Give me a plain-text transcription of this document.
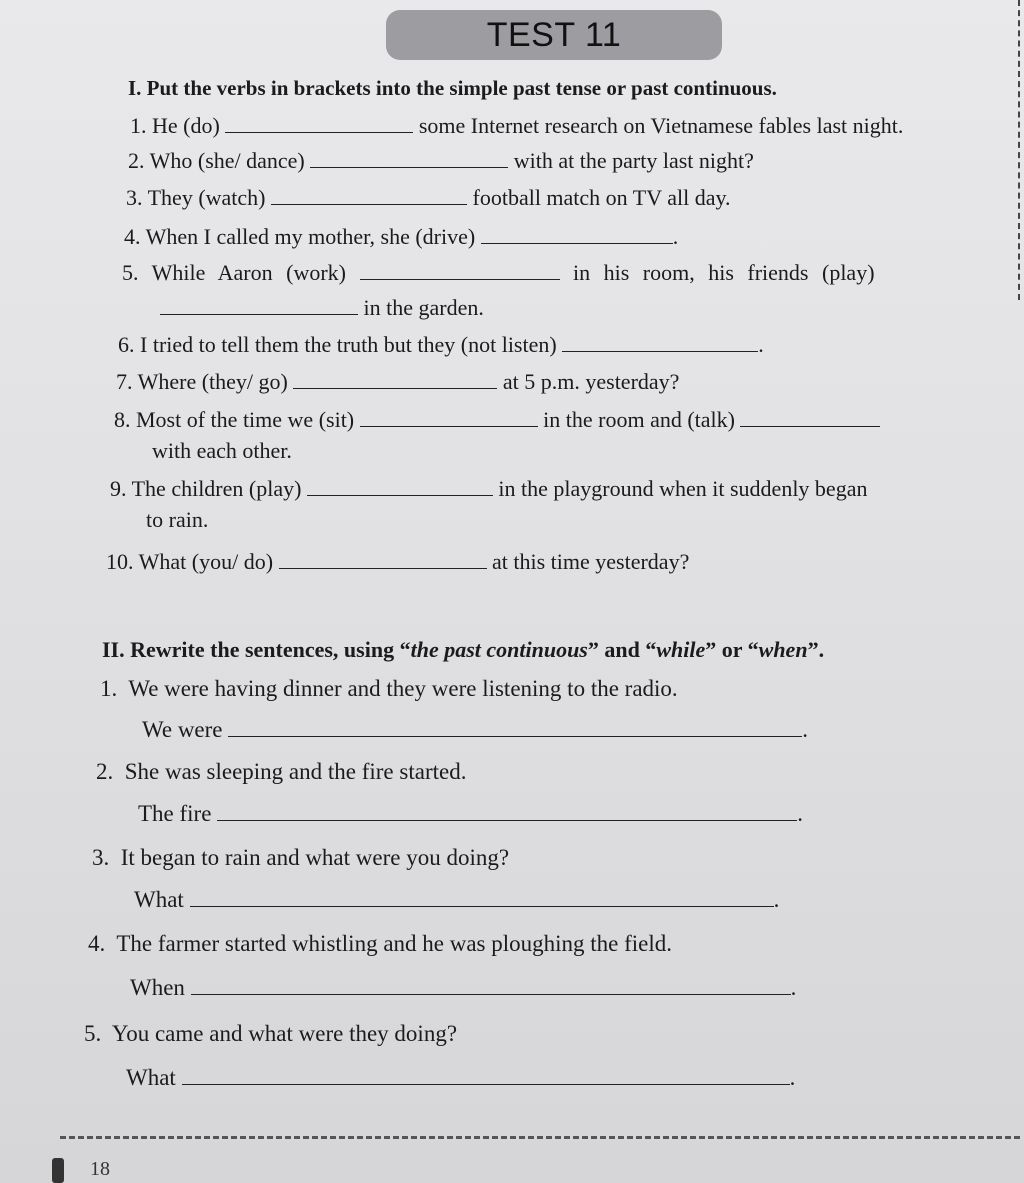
TEST 11
I. Put the verbs in brackets into the simple past tense or past continuous.
1. He (do)	some Internet research on Vietnamese fables last night.
2. Who (she/ dance)	with at the party last night?
3. They (watch)	football match on TV all day.
4. When I called my mother, she (drive)	.
5. While Aaron (work)	in his room, his friends (play)
in the garden.
6. I tried to tell them the truth but they (not listen)	.
7. Where (they/ go)	at 5 p.m. yesterday?
8. Most of the time we (sit)	in the room and (talk)
with each other.
9. The children (play)	in the playground when it suddenly began
to rain.
10. What (you/ do)	at this time yesterday?
II. Rewrite the sentences, using “the past continuous” and “while” or “when”.
1. We were having dinner and they were listening to the radio.
We were	.
2. She was sleeping and the fire started.
The fire	.
3. It began to rain and what were you doing?
What	.
4. The farmer started whistling and he was ploughing the field.
When	.
5. You came and what were they doing?
What	.
18
